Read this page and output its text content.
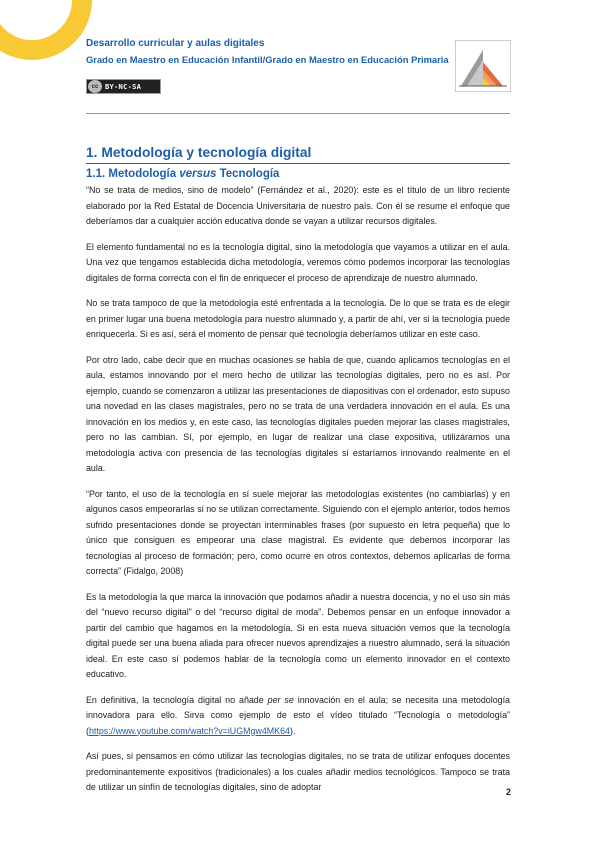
Desarrollo curricular y aulas digitales
Grado en Maestro en Educación Infantil/Grado en Maestro en Educación Primaria
cc BY-NC-SA
1. Metodología y tecnología digital
1.1. Metodología versus Tecnología

“No se trata de medios, sino de modelo” (Fernández et al., 2020): este es el título de un libro reciente elaborado por la Red Estatal de Docencia Universitaria de nuestro país. Con él se resume el enfoque que deberíamos dar a cualquier acción educativa donde se vayan a utilizar recursos digitales.

El elemento fundamental no es la tecnología digital, sino la metodología que vayamos a utilizar en el aula. Una vez que tengamos establecida dicha metodología, veremos cómo podemos incorporar las tecnologías digitales de forma correcta con el fin de enriquecer el proceso de aprendizaje de nuestro alumnado.

No se trata tampoco de que la metodología esté enfrentada a la tecnología. De lo que se trata es de elegir en primer lugar una buena metodología para nuestro alumnado y, a partir de ahí, ver si la tecnología puede enriquecerla. Si es así, será el momento de pensar qué tecnología deberíamos utilizar en este caso.

Por otro lado, cabe decir que en muchas ocasiones se habla de que, cuando aplicamos tecnologías en el aula, estamos innovando por el mero hecho de utilizar las tecnologías digitales, pero no es así. Por ejemplo, cuando se comenzaron a utilizar las presentaciones de diapositivas con el ordenador, esto supuso una novedad en las clases magistrales, pero no se trata de una verdadera innovación en el aula. Es una innovación en los medios y, en este caso, las tecnologías digitales pueden mejorar las clases magistrales, pero no las cambian. Sí, por ejemplo, en lugar de realizar una clase expositiva, utilizáramos una metodología activa con presencia de las tecnologías digitales sí estaríamos innovando realmente en el aula.

“Por tanto, el uso de la tecnología en sí suele mejorar las metodologías existentes (no cambiarlas) y en algunos casos empeorarlas si no se utilizan correctamente. Siguiendo con el ejemplo anterior, todos hemos sufrido presentaciones donde se proyectan interminables frases (por supuesto en letra pequeña) que lo único que consiguen es empeorar una clase magistral. Es evidente que debemos incorporar las tecnologías al proceso de formación; pero, como ocurre en otros contextos, debemos aplicarlas de forma correcta” (Fidalgo, 2008)

Es la metodología la que marca la innovación que podamos añadir a nuestra docencia, y no el uso sin más del “nuevo recurso digital” o del “recurso digital de moda”. Debemos pensar en un enfoque innovador a partir del cambio que hagamos en la metodología. Si en esta nueva situación vemos que la tecnología digital puede ser una buena aliada para ofrecer nuevos aprendizajes a nuestro alumnado, será la situación ideal. En este caso sí podemos hablar de la tecnología como un elemento innovador en el contexto educativo.

En definitiva, la tecnología digital no añade per se innovación en el aula; se necesita una metodología innovadora para ello. Sirva como ejemplo de esto el vídeo titulado “Tecnología o metodología” (https://www.youtube.com/watch?v=iUGMgw4MK64).

Así pues, si pensamos en cómo utilizar las tecnologías digitales, no se trata de utilizar enfoques docentes predominantemente expositivos (tradicionales) a los cuales añadir medios tecnológicos. Tampoco se trata de utilizar un sinfín de tecnologías digitales, sino de adoptar	2
